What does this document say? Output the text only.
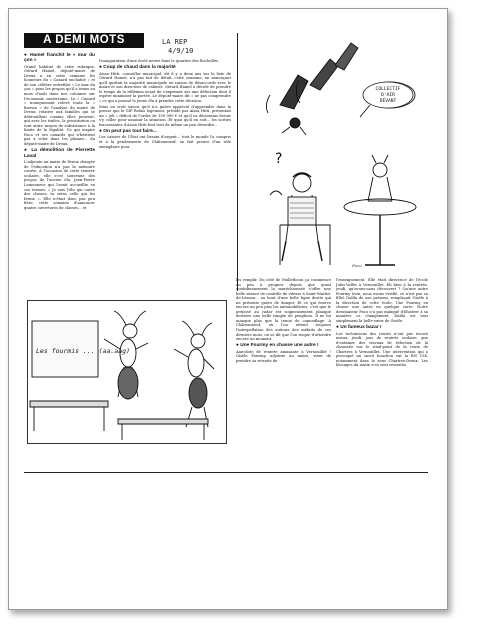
A DEMI MOTS	LA REP
4/9/10
● Hamel franchit le « mur du çon »

Grand habitué de cette rubrique, Gérard Hamel, député-maire de Dreux a eu cette semaine les honneurs du « Canard enchaîné » et de son célèbre entrefilet « Le mur du çon » pour les propos qu'il a tenus au mois d'août dans nos colonnes sur l'économie souterraine. Le « Canard » ironiquement relevé toute la « finesse » de l'analyse du maire de Dreux, relative aux familles qui se débrouillent comme elles peuvent, qui avec les trafics, la prostitution ou tout autre moyen de subsistance à la limite de la légalité. Ce qui inspire Paco et ses canards qui n'hésitent pas à voler dans les plumes... du député-maire de Dreux.

● La démolition de Pierrette Laval

L'adjointe au maire de Dreux chargée de l'éducation n'a pas la mémoire courte. À l'occasion de cette rentrée scolaire, elle s'est souvenue des propos de l'ancien élu, Jean-Pierre Lemonneur qui l'avait accueillie en ces termes. « Je suis l'élu qui ouvre des classes, tu seras celle qui les ferme ». Elle n'était donc pas peu fière, cette semaine d'annoncer quatre ouvertures de classes... et

l'inauguration d'une école neuve dans le quartier des Rochelles.

● Coup de chaud dans la majorité

Aissa Hitti, conseiller municipal, dit il y a deux ans sur la liste de Gérard Hamel, n'a pas fait de détail, cette semaine, en annonçant qu'il quittait la majorité municipale en raison de désaccords avec le maire et son directeur de cabinet. Gérard Hamel a décidé de prendre le temps de la réflexion avant de s'exprimer sur une défection dont il espère minimiser la portée. Le député-maire dit « ne pas comprendre » ce qui a poussé le jeune élu à prendre cette décision.

Mais on croit savoir qu'il n'a guère apprécié d'apprendre dans la presse que le GIP Relais logement, présidé par Aissa Hitti, présentait un « joli » déficit de l'ordre de 150 000 € et qu'il va désormais devoir s'y coller pour assainir la situation. Et quoi qu'il en soit... les sorties fracassantes d'Aissa Hitti font tout de même un peu désordre...

● On peut pas tout faire...

Les caisses de l'État ont besoin d'argent... tout le monde l'a compris et à la gendarmerie de Châteauneuf, on fait preuve d'un zèle exemplaire pour

?
COLLECTIF
D'AIR
DÉVANT
Paco
Les fourmis ... (aa.aag)

les remplir. Du côté de Mulletboon ça commence un peu à grogner depuis que quasi quotidiennement la maréchaussée s'offre une belle séance de contrôle de vitesse à Saint-Martin-de-Lézeau... au bout d'une belle ligne droite qui ne présente guère de danger. Et ce qui énerve encore un peu plus les automobilistes, c'est que le préposé au radar est soigneusement planqué derrière une belle rangée de peupliers. Il ne lui manque plus que la tenue de camouflage. À Châteauneuf, où l'on attend toujours l'interpellation des auteurs des méfaits de ces derniers mois, on se dit que l'on risque d'attendre encore un moment.

● Une Fourmy en chasse une autre !

Anecdote de rentrée amusante à Vernouillet ! Gisèle Fourmy, adjointe au maire, vient de prendre sa retraite de

l'enseignement. Elle était directrice de l'école Jules-Vallès à Vernouillet. Eh bien à la rentrée, jeudi, qu'avons-nous découvert ? Qu'une autre Fourmy (non, nous avons vérifié, ce n'est pas sa fille) Dalila de son prénom, remplaçait Gisèle à la direction de cette école. Une Fourmy en chasse une autre en quelque sorte. Notre dessinateur Paco n'a pas manqué d'illustrer à sa manière ce changement. Dalila est tout simplement la belle-sœur de Gisèle.

● Un fameux bazar !

Les techniciens des routes n'ont pas trouvé mieux, jeudi, jour de rentrée scolaire, que d'entamer des travaux de réfection de la chaussée sur le rond-point de la route de Chartres à Vernouillet. Une intervention qui a provoqué un sacré bouchon sur la RN 154, notamment dans le sens Chartres-Dreux. Les blocages du matin s'en sont ressentis.
